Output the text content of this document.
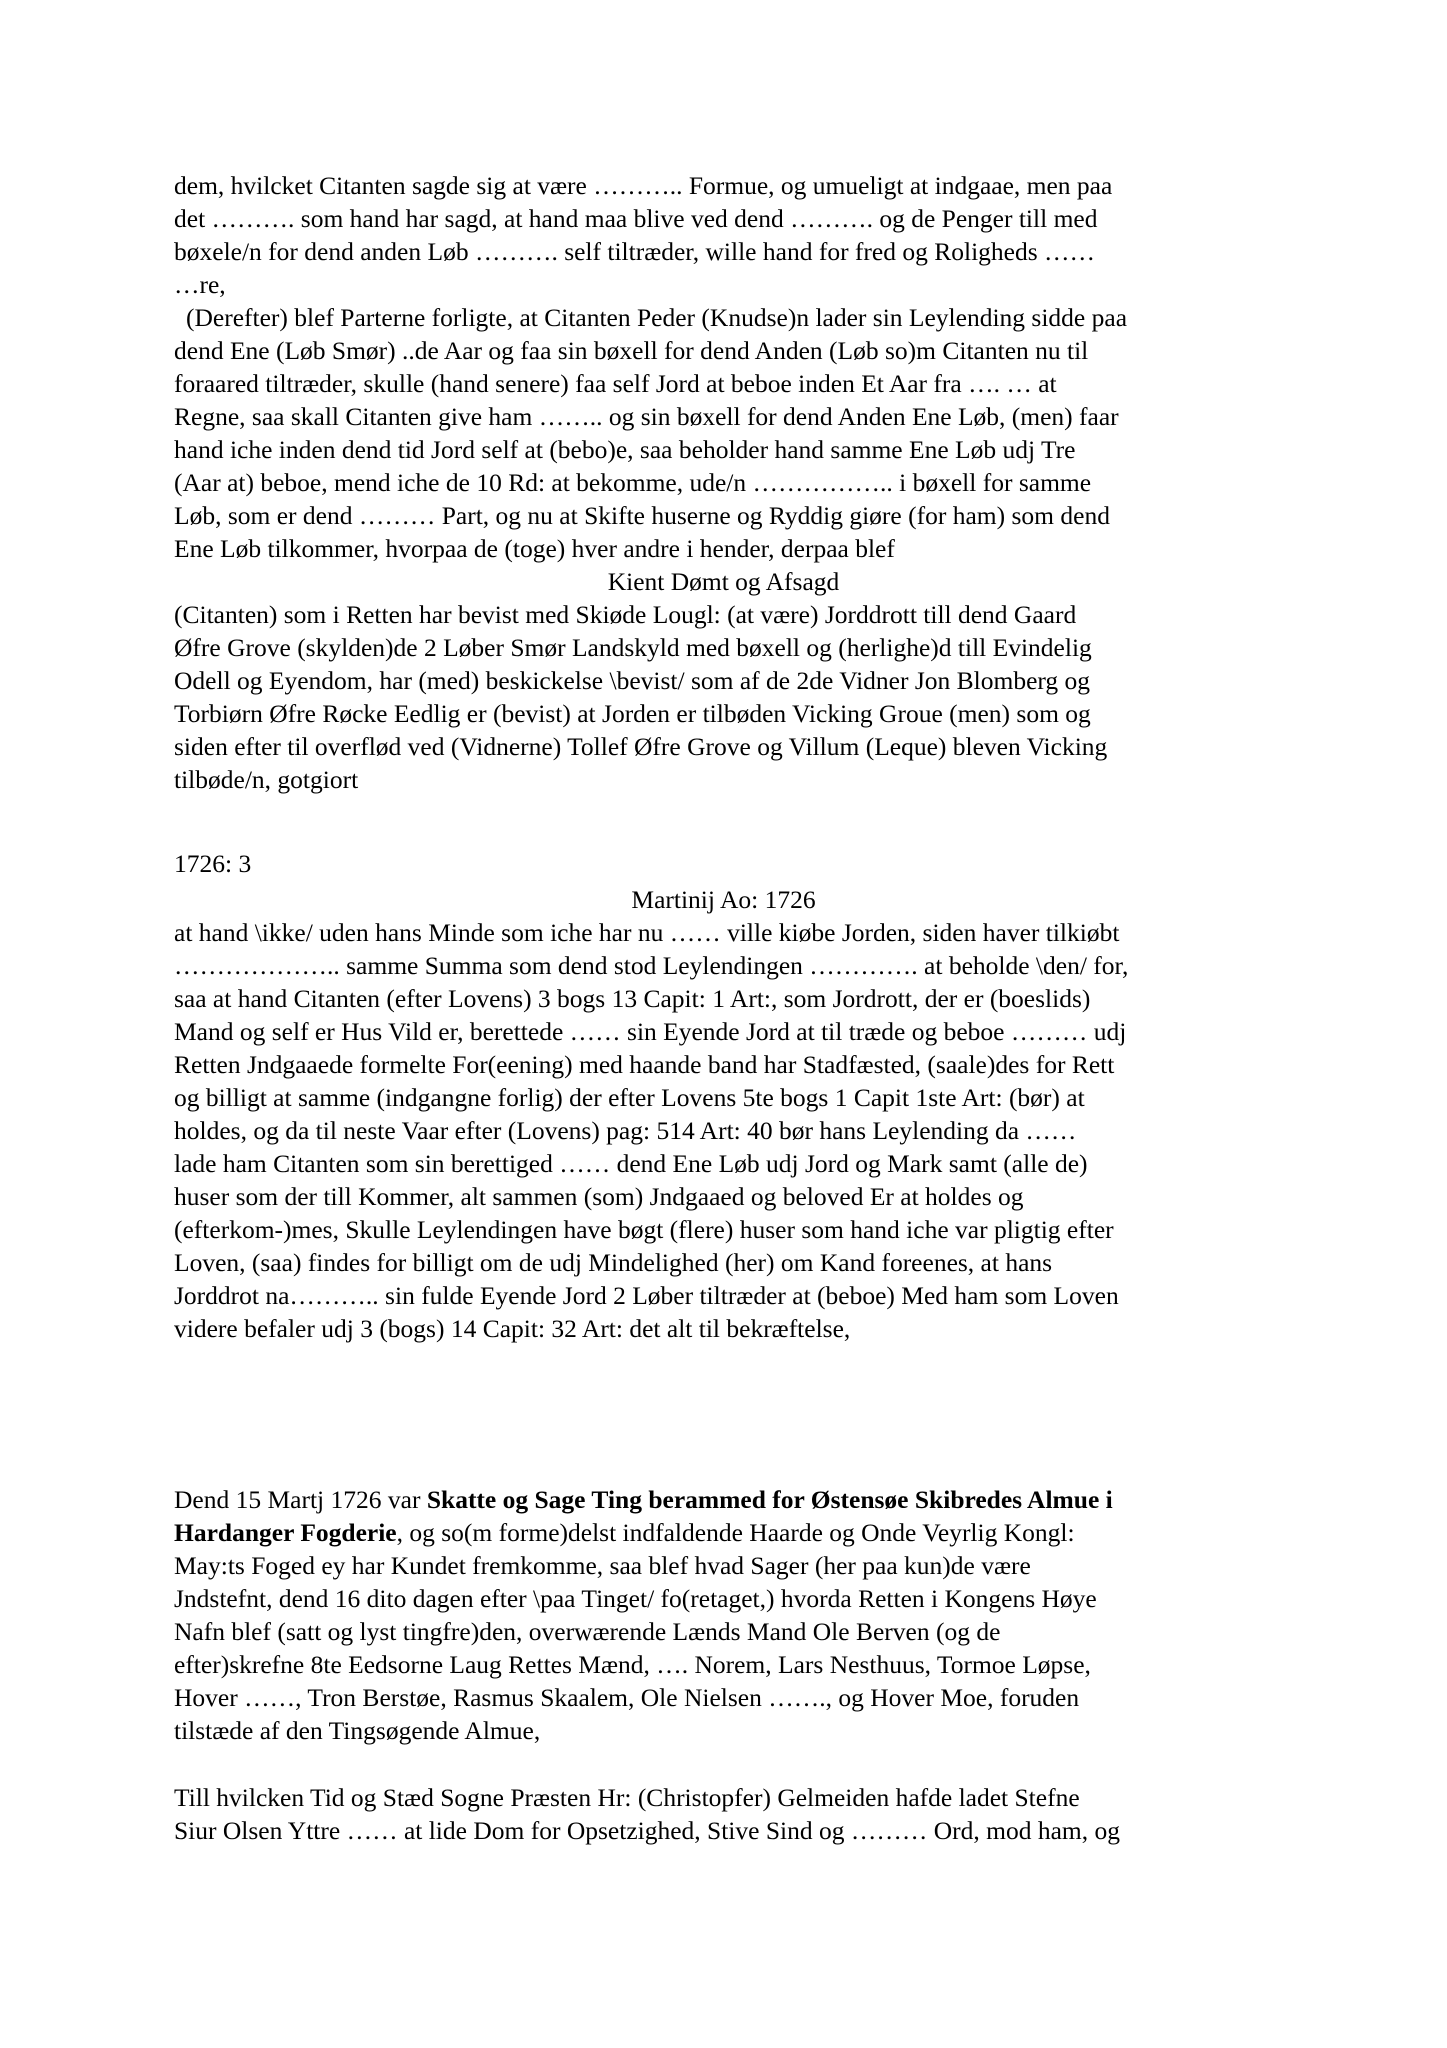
dem, hvilcket Citanten sagde sig at være ……….. Formue, og umueligt at indgaae, men paa
det ………. som hand har sagd, at hand maa blive ved dend ………. og de Penger till med
bøxele/n for dend anden Løb ………. self tiltræder, wille hand for fred og Roligheds ……
…re,
(Derefter) blef Parterne forligte, at Citanten Peder (Knudse)n lader sin Leylending sidde paa
dend Ene (Løb Smør) ..de Aar og faa sin bøxell for dend Anden (Løb so)m Citanten nu til
foraared tiltræder, skulle (hand senere) faa self Jord at beboe inden Et Aar fra …. … at
Regne, saa skall Citanten give ham …….. og sin bøxell for dend Anden Ene Løb, (men) faar
hand iche inden dend tid Jord self at (bebo)e, saa beholder hand samme Ene Løb udj Tre
(Aar at) beboe, mend iche de 10 Rd: at bekomme, ude/n …………….. i bøxell for samme
Løb, som er dend ……… Part, og nu at Skifte huserne og Ryddig giøre (for ham) som dend
Ene Løb tilkommer, hvorpaa de (toge) hver andre i hender, derpaa blef
Kient Dømt og Afsagd
(Citanten) som i Retten har bevist med Skiøde Lougl: (at være) Jorddrott till dend Gaard
Øfre Grove (skylden)de 2 Løber Smør Landskyld med bøxell og (herlighe)d till Evindelig
Odell og Eyendom, har (med) beskickelse \bevist/ som af de 2de Vidner Jon Blomberg og
Torbiørn Øfre Røcke Eedlig er (bevist) at Jorden er tilbøden Vicking Groue (men) som og
siden efter til overflød ved (Vidnerne) Tollef Øfre Grove og Villum (Leque) bleven Vicking
tilbøde/n, gotgiort
1726: 3
Martinij Ao: 1726
at hand \ikke/ uden hans Minde som iche har nu …… ville kiøbe Jorden, siden haver tilkiøbt
……………….. samme Summa som dend stod Leylendingen …………. at beholde \den/ for,
saa at hand Citanten (efter Lovens) 3 bogs 13 Capit: 1 Art:, som Jordrott, der er (boeslids)
Mand og self er Hus Vild er, berettede …… sin Eyende Jord at til træde og beboe ……… udj
Retten Jndgaaede formelte For(eening) med haande band har Stadfæsted, (saale)des for Rett
og billigt at samme (indgangne forlig) der efter Lovens 5te bogs 1 Capit 1ste Art: (bør) at
holdes, og da til neste Vaar efter (Lovens) pag: 514 Art: 40 bør hans Leylending da ……
lade ham Citanten som sin berettiged …… dend Ene Løb udj Jord og Mark samt (alle de)
huser som der till Kommer, alt sammen (som) Jndgaaed og beloved Er at holdes og
(efterkom-)mes, Skulle Leylendingen have bøgt (flere) huser som hand iche var pligtig efter
Loven, (saa) findes for billigt om de udj Mindelighed (her) om Kand foreenes, at hans
Jorddrot na……….. sin fulde Eyende Jord 2 Løber tiltræder at (beboe) Med ham som Loven
videre befaler udj 3 (bogs) 14 Capit: 32 Art: det alt til bekræftelse,
Dend 15 Martj 1726 var Skatte og Sage Ting berammed for Østensøe Skibredes Almue i
Hardanger Fogderie, og so(m forme)delst indfaldende Haarde og Onde Veyrlig Kongl:
May:ts Foged ey har Kundet fremkomme, saa blef hvad Sager (her paa kun)de være
Jndstefnt, dend 16 dito dagen efter \paa Tinget/ fo(retaget,) hvorda Retten i Kongens Høye
Nafn blef (satt og lyst tingfre)den, overwærende Lænds Mand Ole Berven (og de
efter)skrefne 8te Eedsorne Laug Rettes Mænd, …. Norem, Lars Nesthuus, Tormoe Løpse,
Hover ……, Tron Berstøe, Rasmus Skaalem, Ole Nielsen ……., og Hover Moe, foruden
tilstæde af den Tingsøgende Almue,
Till hvilcken Tid og Stæd Sogne Præsten Hr: (Christopfer) Gelmeiden hafde ladet Stefne
Siur Olsen Yttre …… at lide Dom for Opsetzighed, Stive Sind og ……… Ord, mod ham, og
